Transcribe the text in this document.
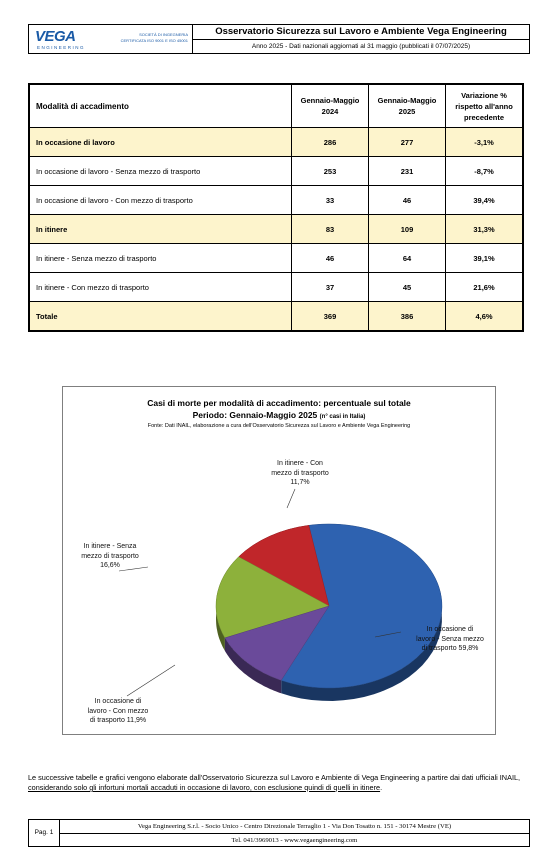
VEGA
ENGINEERING
SOCIETÀ DI INGEGNERIA
CERTIFICATA ISO 9001 E ISO 45001
Osservatorio Sicurezza sul Lavoro e Ambiente Vega Engineering
Anno 2025 - Dati nazionali aggiornati al 31 maggio (pubblicati il 07/07/2025)
Modalità di accadimento	Gennaio-Maggio 2024	Gennaio-Maggio 2025	Variazione % rispetto all'anno precedente
In occasione di lavoro	286	277	-3,1%
In occasione di lavoro - Senza mezzo di trasporto	253	231	-8,7%
In occasione di lavoro - Con mezzo di trasporto	33	46	39,4%
In itinere	83	109	31,3%
In itinere - Senza mezzo di trasporto	46	64	39,1%
In itinere - Con mezzo di trasporto	37	45	21,6%
Totale	369	386	4,6%
Casi di morte per modalità di accadimento: percentuale sul totale
Periodo: Gennaio-Maggio 2025 (n° casi in Italia)
Fonte: Dati INAIL, elaborazione a cura dell'Osservatorio Sicurezza sul Lavoro e Ambiente Vega Engineering
In occasione di
lavoro - Senza mezzo
di trasporto 59,8%
In occasione di
lavoro - Con mezzo
di trasporto 11,9%
In itinere - Senza
mezzo di trasporto
16,6%
In itinere - Con
mezzo di trasporto
11,7%
Le successive tabelle e grafici vengono elaborate dall'Osservatorio Sicurezza sul Lavoro e Ambiente di Vega Engineering a partire dai dati ufficiali INAIL, considerando solo gli infortuni mortali accaduti in occasione di lavoro, con esclusione quindi di quelli in itinere.
Pag. 1
Vega Engineering S.r.l. - Socio Unico - Centro Direzionale Terraglio 1 - Via Don Tosatto n. 151 - 30174 Mestre (VE)
Tel. 041/3969013 - www.vegaengineering.com
